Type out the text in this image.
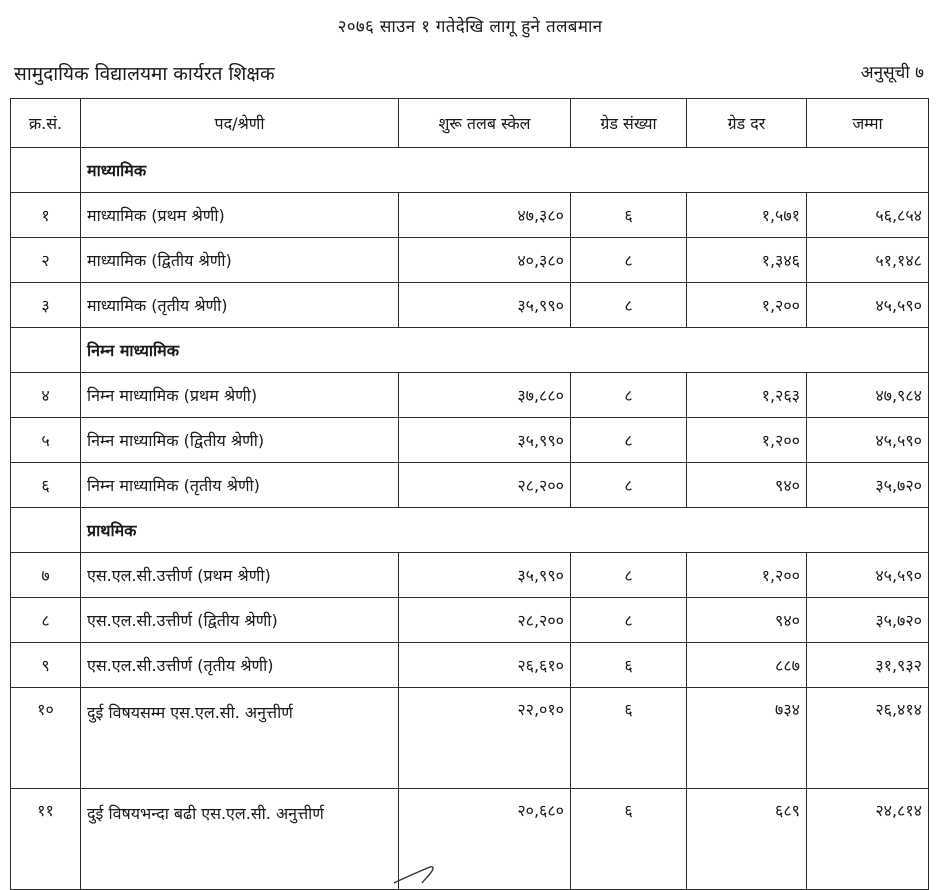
२०७६ साउन १ गतेदेखि लागू हुने तलबमान
सामुदायिक विद्यालयमा कार्यरत शिक्षक	अनुसूची ७
क्र.सं.	पद/श्रेणी	शुरू तलब स्केल	ग्रेड संख्या	ग्रेड दर	जम्मा
	माध्यामिक				
१	माध्यामिक (प्रथम श्रेणी)	४७,३८०	६	१,५७१	५६,८५४
२	माध्यामिक (द्वितीय श्रेणी)	४०,३८०	८	१,३४६	५१,१४८
३	माध्यामिक (तृतीय श्रेणी)	३५,९९०	८	१,२००	४५,५९०
	निम्न माध्यामिक				
४	निम्न माध्यामिक (प्रथम श्रेणी)	३७,८८०	८	१,२६३	४७,९८४
५	निम्न माध्यामिक (द्वितीय श्रेणी)	३५,९९०	८	१,२००	४५,५९०
६	निम्न माध्यामिक (तृतीय श्रेणी)	२८,२००	८	९४०	३५,७२०
	प्राथमिक				
७	एस.एल.सी.उत्तीर्ण (प्रथम श्रेणी)	३५,९९०	८	१,२००	४५,५९०
८	एस.एल.सी.उत्तीर्ण (द्वितीय श्रेणी)	२८,२००	८	९४०	३५,७२०
९	एस.एल.सी.उत्तीर्ण (तृतीय श्रेणी)	२६,६१०	६	८८७	३१,९३२
१०	दुई विषयसम्म एस.एल.सी. अनुत्तीर्ण	२२,०१०	६	७३४	२६,४१४
११	दुई विषयभन्दा बढी एस.एल.सी. अनुत्तीर्ण	२०,६८०	६	६८९	२४,८१४
